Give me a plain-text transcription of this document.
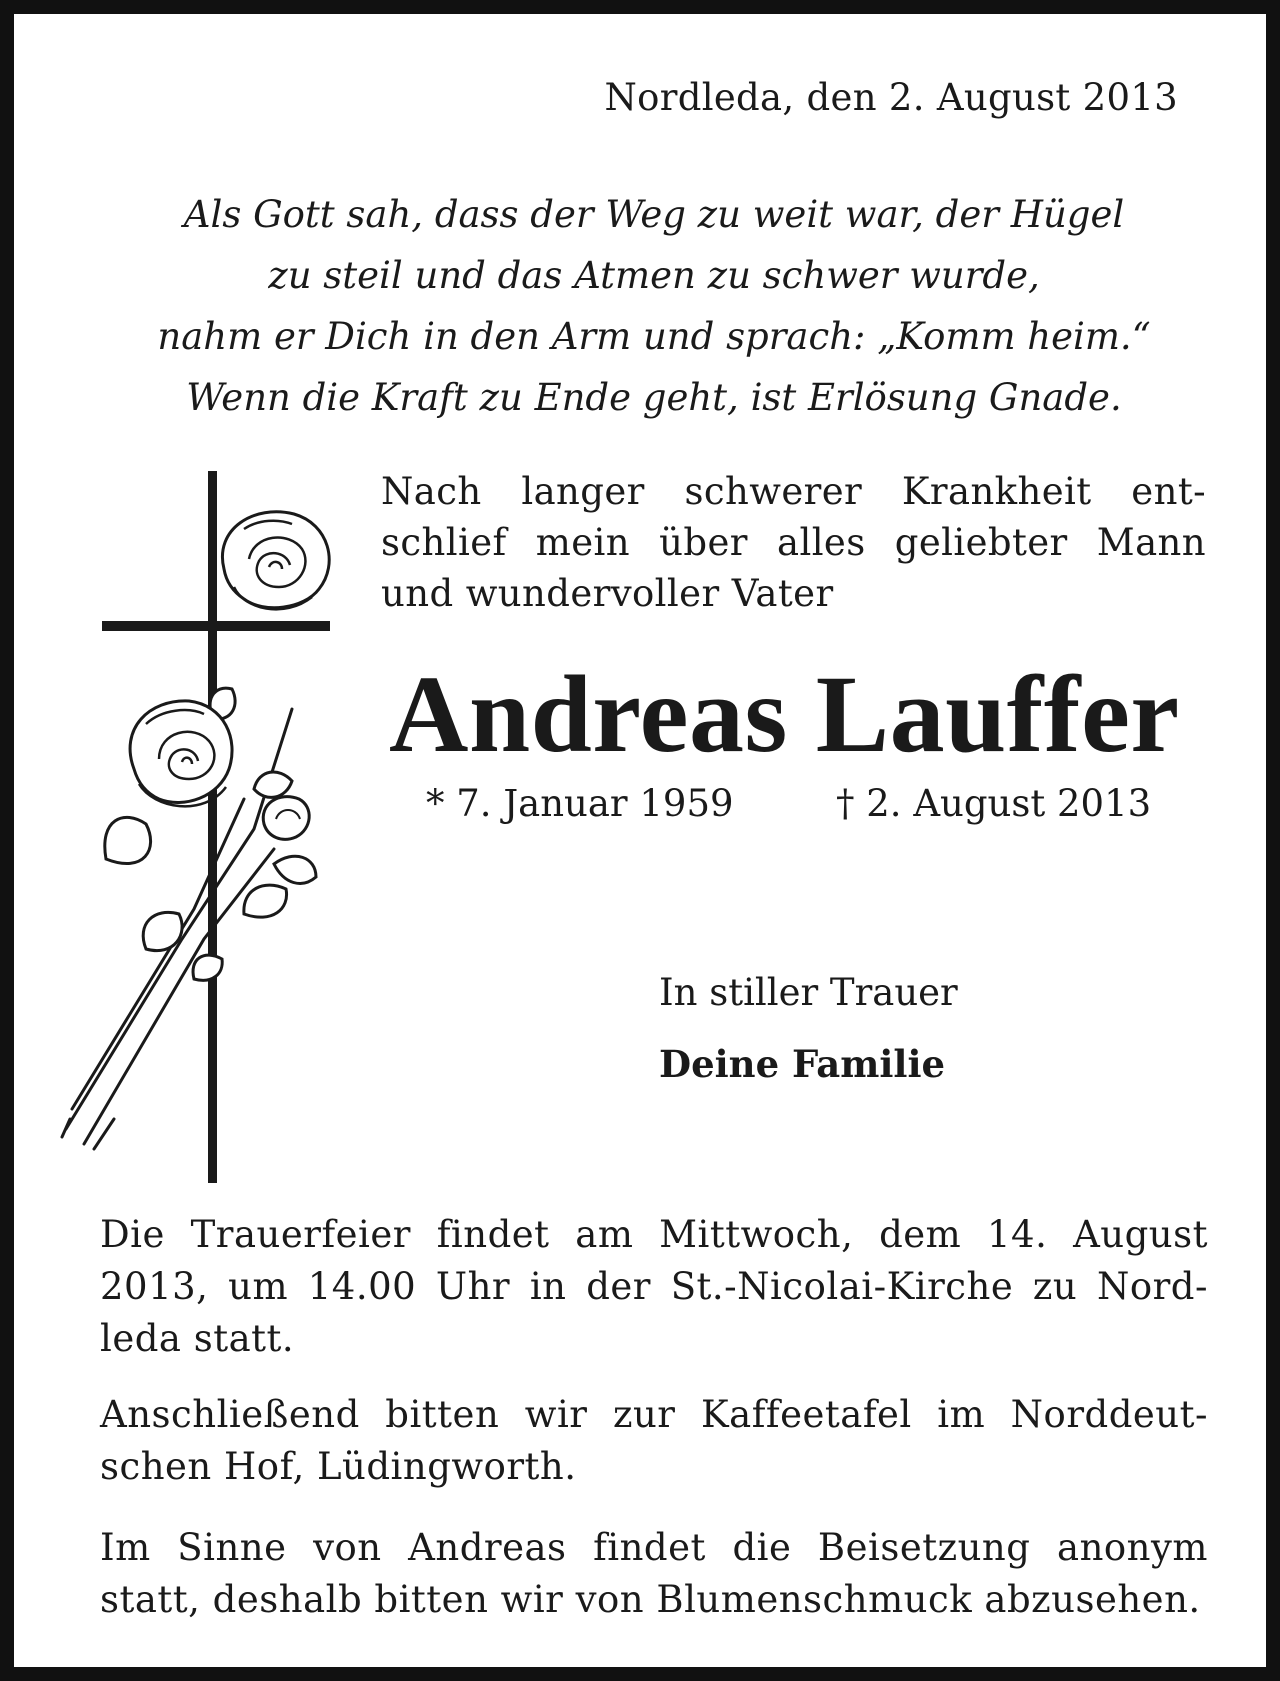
Nordleda, den 2. August 2013
Als Gott sah, dass der Weg zu weit war, der Hügel
zu steil und das Atmen zu schwer wurde,
nahm er Dich in den Arm und sprach: „Komm heim.“
Wenn die Kraft zu Ende geht, ist Erlösung Gnade.
Nach langer schwerer Krankheit ent-
schlief mein über alles geliebter Mann
und wundervoller Vater
Andreas Lauffer
* 7. Januar 1959	† 2. August 2013
In stiller Trauer
Deine Familie
Die Trauerfeier findet am Mittwoch, dem 14. August
2013, um 14.00 Uhr in der St.-Nicolai-Kirche zu Nord-
leda statt.
Anschließend bitten wir zur Kaffeetafel im Norddeut-
schen Hof, Lüdingworth.
Im Sinne von Andreas findet die Beisetzung anonym
statt, deshalb bitten wir von Blumenschmuck abzusehen.
